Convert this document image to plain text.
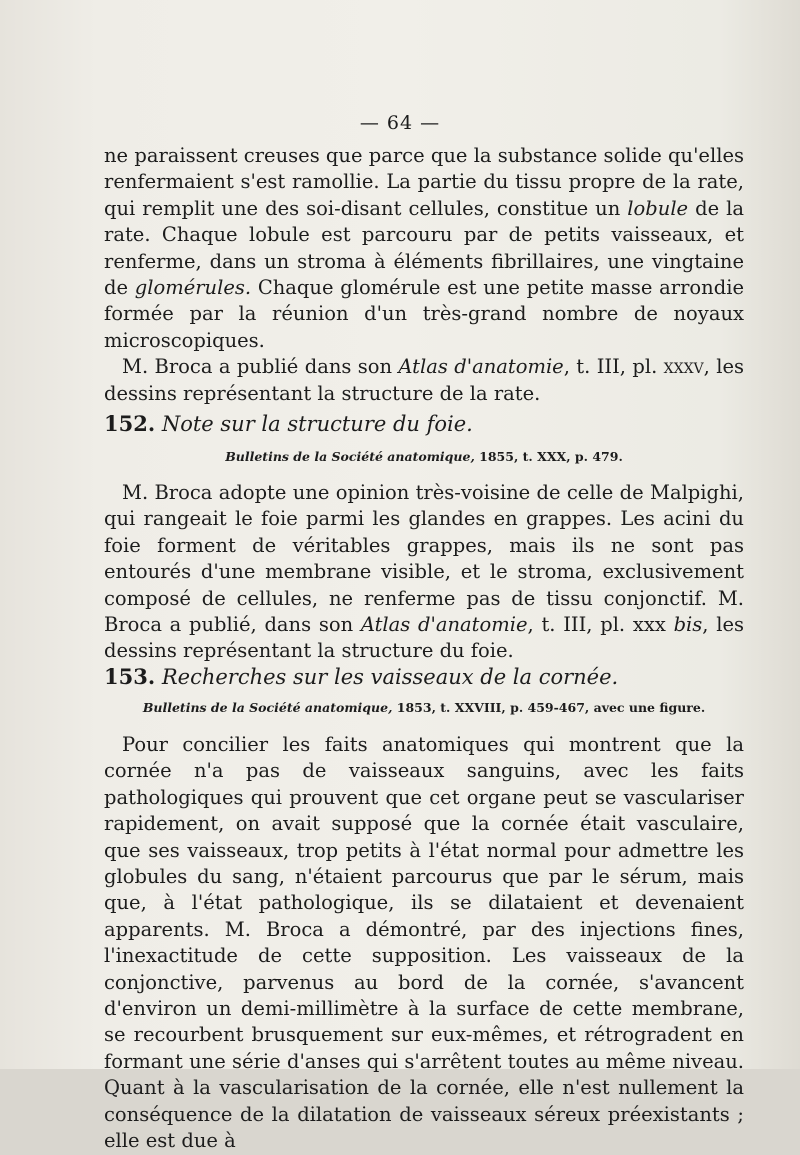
— 64 —

ne paraissent creuses que parce que la substance solide qu'elles renfermaient s'est ramollie. La partie du tissu propre de la rate, qui remplit une des soi-disant cellules, constitue un lobule de la rate. Chaque lobule est parcouru par de petits vaisseaux, et renferme, dans un stroma à éléments fibrillaires, une vingtaine de glomérules. Chaque glomérule est une petite masse arrondie formée par la réunion d'un très-grand nombre de noyaux microscopiques.

M. Broca a publié dans son Atlas d'anatomie, t. III, pl. xxxv, les dessins représentant la structure de la rate.

152. Note sur la structure du foie.

Bulletins de la Société anatomique, 1855, t. XXX, p. 479.

M. Broca adopte une opinion très-voisine de celle de Malpighi, qui rangeait le foie parmi les glandes en grappes. Les acini du foie forment de véritables grappes, mais ils ne sont pas entourés d'une membrane visible, et le stroma, exclusivement composé de cellules, ne renferme pas de tissu conjonctif. M. Broca a publié, dans son Atlas d'anatomie, t. III, pl. xxx bis, les dessins représentant la structure du foie.

153. Recherches sur les vaisseaux de la cornée.

Bulletins de la Société anatomique, 1853, t. XXVIII, p. 459-467, avec une figure.

Pour concilier les faits anatomiques qui montrent que la cornée n'a pas de vaisseaux sanguins, avec les faits pathologiques qui prouvent que cet organe peut se vasculariser rapidement, on avait supposé que la cornée était vasculaire, que ses vaisseaux, trop petits à l'état normal pour admettre les globules du sang, n'étaient parcourus que par le sérum, mais que, à l'état pathologique, ils se dilataient et devenaient apparents. M. Broca a démontré, par des injections fines, l'inexactitude de cette supposition. Les vaisseaux de la conjonctive, parvenus au bord de la cornée, s'avancent d'environ un demi-millimètre à la surface de cette membrane, se recourbent brusquement sur eux-mêmes, et rétrogradent en formant une série d'anses qui s'arrêtent toutes au même niveau. Quant à la vascularisation de la cornée, elle n'est nullement la conséquence de la dilatation de vaisseaux séreux préexistants ; elle est due à
